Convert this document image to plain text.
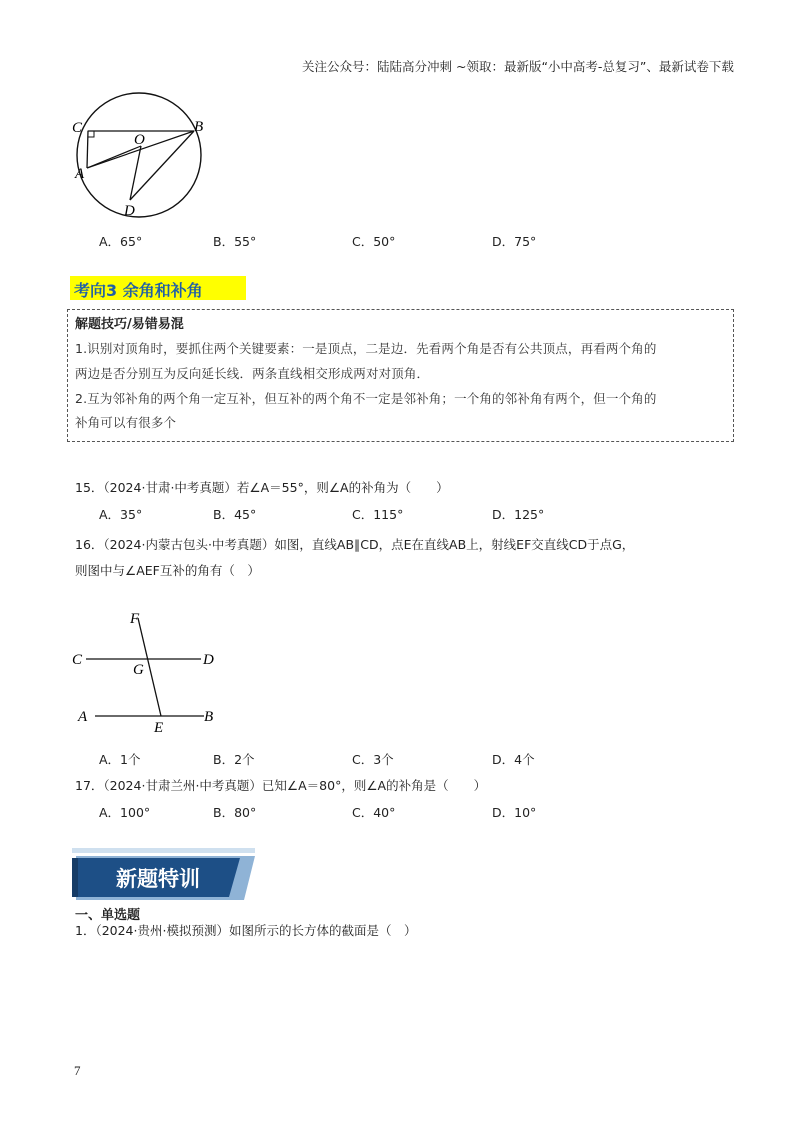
关注公众号：陆陆高分冲刺 ~领取：最新版“小中高考-总复习”、最新试卷下载
C
O
B
A
D
A．65°	B．55°	C．50°	D．75°
考向3 余角和补角
解题技巧/易错易混
1.识别对顶角时，要抓住两个关键要素：一是顶点，二是边．先看两个角是否有公共顶点，再看两个角的
两边是否分别互为反向延长线．两条直线相交形成两对对顶角．
2.互为邻补角的两个角一定互补，但互补的两个角不一定是邻补角；一个角的邻补角有两个，但一个角的
补角可以有很多个
15．（2024·甘肃·中考真题）若∠A＝55°，则∠A的补角为（　　）
A．35°	B．45°	C．115°	D．125°
16．（2024·内蒙古包头·中考真题）如图，直线AB∥CD，点E在直线AB上，射线EF交直线CD于点G，
则图中与∠AEF互补的角有（　）
F
C
G
D
A
E
B
A．1个	B．2个	C．3个	D．4个
17．（2024·甘肃兰州·中考真题）已知∠A＝80°，则∠A的补角是（　　）
A．100°	B．80°	C．40°	D．10°
新题特训
一、单选题
1．（2024·贵州·模拟预测）如图所示的长方体的截面是（　）
7
